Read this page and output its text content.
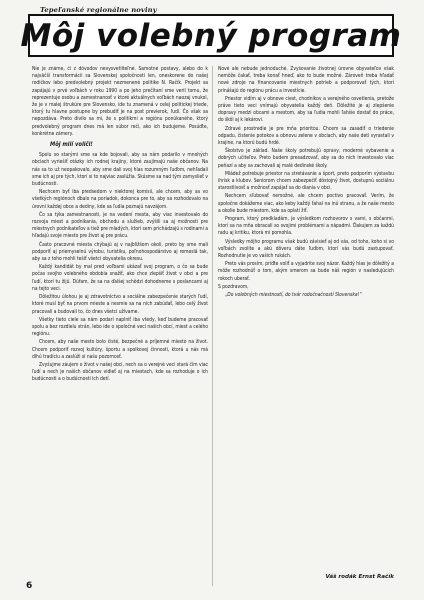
Tepeľanské regionálne noviny
Môj volebný program

Nie je známe, či z dôvodov nevysvetliteľné. Samotné postavy, alebo do k najväčší transformácii sa Slovenskej spoločnosti len, oneskorene do našej rodičkov lebo predvolebný projekt nezmenené politike N. Račík. Projekt sa zapájajú v prvé voľbách v roku 1990 a po jeho prečítaní sme veril tomu, že reprezentuje osobu a zamestnanosť v ktoré aktuálnych voľbách naozaj vnukol, že je v malej štrukúre pre Slovensko, ide tu znamená v celej politickej triede, ktorý tu hlavne postupne by prebudiť je na post previerok, ľudí. Čo však sa nepozdáva. Preto divilo sa mi, že s politikmi a regiónu ponúkaného, ktorý predvolebný program dnes má len súbor reči, ako ich budujeme. Posúďte, konkrétne zámery.

Môj milí voliči!

Spolu so starými sme sa kde bojovali, aby sa nám podarilo v mnohých obciach vyriešiť otázky ich rodnej krajiny, ktoré zaujímajú naše občanov. Na nás sa to už neopakovalo, aby sme dali svoj hlas rozumným ľuďom, nehľadali sme ich aj pre tých, ktorí si to najviac zaslúžia. Skúsme sa nad tým zamyslieť v budúcnosti.

Nechcem byť iba predsedom v niektorej komisii, ale chcem, aby sa vo všetkých regiónoch dbalo na poriadok, dokonca pre to, aby sa rozhodovalo na úrovni každej obce a dediny, kde sa ľudia poznajú navzájom.

Čo sa týka zamestnanosti, je na vedení mesta, aby viac investovalo do rozvoja miest a podnikania, obchodu a služieb, zvýšili sa aj možnosti pre miestnych podnikateľov a tiež pre mladých, ktorí sem prichádzajú s rodinami a hľadajú svoje miesto pre život aj pre prácu.

Často pracovné miesta chýbajú aj v najbližšom okolí, preto by sme mali podporiť aj priemyselnú výrobu, turistiku, poľnohospodárstvo aj remeslá tak, aby sa z toho mohli tešiť všetci obyvatelia okresu.

Každý kandidát by mal pred voľbami ukázať svoj program, o čo sa bude počas svojho volebného obdobia snažiť, ako chce zlepšiť život v obci a pre ľudí, ktorí tu žijú. Dúfam, že sa na ďalšej schôdzi dohodneme s poslancami aj na tejto veci.

Dôležitou úlohou je aj zdravotníctvo a sociálne zabezpečenie starých ľudí, ktoré musí byť na prvom mieste a nesmie sa na nich zabúdať, lebo celý život pracovali a budovali to, čo dnes všetci užívame.

Všetky tieto ciele sa nám podarí naplniť iba vtedy, keď budeme pracovať spolu a bez rozdielu strán, lebo ide o spoločné veci našich obcí, miest a celého regiónu.

Chcem, aby naše mesto bolo čisté, bezpečné a príjemné miesto na život. Chcem podporiť rozvoj kultúry, športu a spolkovej činnosti, ktorá u nás má dlhú tradíciu a zaslúži si našu pozornosť.

Zvyšujme záujem o život v našej obci, nech sa o verejné veci stará čím viac ľudí a nech je našich občanov vidieť aj na miestach, kde sa rozhoduje o ich budúcnosti a o budúcnosti ich detí.

Nové ale nebude jednoduché. Zvyšovanie životnej úrovne obyvateľov však nemôže čakať, treba konať hneď, ako to bude možné. Zároveň treba hľadať nové zdroje na financovanie miestnych potrieb a podporovať tých, ktorí prinášajú do regiónu prácu a investície.

Priestor vidím aj v obnove ciest, chodníkov a verejného osvetlenia, pretože práve tieto veci vnímajú obyvatelia každý deň. Dôležité je aj zlepšenie dopravy medzi obcami a mestom, aby sa ľudia mohli ľahšie dostať do práce, do škôl aj k lekárovi.

Zdravé prostredie je pre mňa prioritou. Chcem sa zasadiť o triedenie odpadu, čistenie potokov a obnovu zelene v obciach, aby naše deti vyrastali v krajine, na ktorú budú hrdé.

Školstvo je základ. Naše školy potrebujú opravy, moderné vybavenie a dobrých učiteľov. Preto budem presadzovať, aby sa do nich investovalo viac peňazí a aby sa zachovali aj malé dedinské školy.

Mládež potrebuje priestor na stretávanie a šport, preto podporím výstavbu ihrísk a klubov. Seniorom chcem zabezpečiť dôstojný život, dostupnú sociálnu starostlivosť a možnosť zapájať sa do diania v obci.

Nechcem sľubovať nemožné, ale chcem poctivo pracovať. Verím, že spoločne dokážeme viac, ako keby každý ťahal na inú stranu, a že naše mesto a okolie bude miestom, kde sa oplatí žiť.

Program, ktorý predkladám, je výsledkom rozhovorov s vami, s občanmi, ktorí sa na mňa obracali so svojimi problémami a nápadmi. Ďakujem za každú radu aj kritiku, ktorá mi pomohla.

Výsledky môjho programu však budú závisieť aj od vás, od toho, koho si vo voľbách zvolíte a akú dôveru dáte ľuďom, ktorí vás budú zastupovať. Rozhodnutie je vo vašich rukách.

Preto vás prosím, príďte voliť a vyjadrite svoj názor. Každý hlas je dôležitý a môže rozhodnúť o tom, akým smerom sa bude náš región v nasledujúcich rokoch uberať.

S pozdravom,

„Do volebných miestností, do tvár rodočnačností Slovenska!“

Váš rodák Ernst Račík
6
